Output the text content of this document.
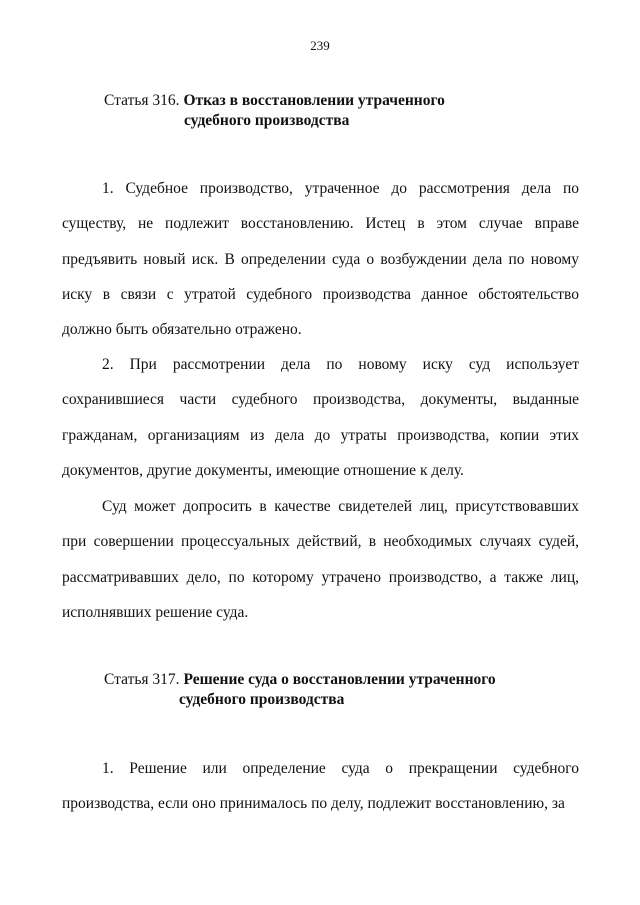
239
Статья 316. Отказ в восстановлении утраченного
судебного производства

1. Судебное производство, утраченное до рассмотрения дела по существу, не подлежит восстановлению. Истец в этом случае вправе предъявить новый иск. В определении суда о возбуждении дела по новому иску в связи с утратой судебного производства данное обстоятельство должно быть обязательно отражено.

2. При рассмотрении дела по новому иску суд использует сохранившиеся части судебного производства, документы, выданные гражданам, организациям из дела до утраты производства, копии этих документов, другие документы, имеющие отношение к делу.

Суд может допросить в качестве свидетелей лиц, присутствовавших при совершении процессуальных действий, в необходимых случаях судей, рассматривавших дело, по которому утрачено производство, а также лиц, исполнявших решение суда.

Статья 317. Решение суда о восстановлении утраченного
судебного производства

1. Решение или определение суда о прекращении судебного производства, если оно принималось по делу, подлежит восстановлению, за
